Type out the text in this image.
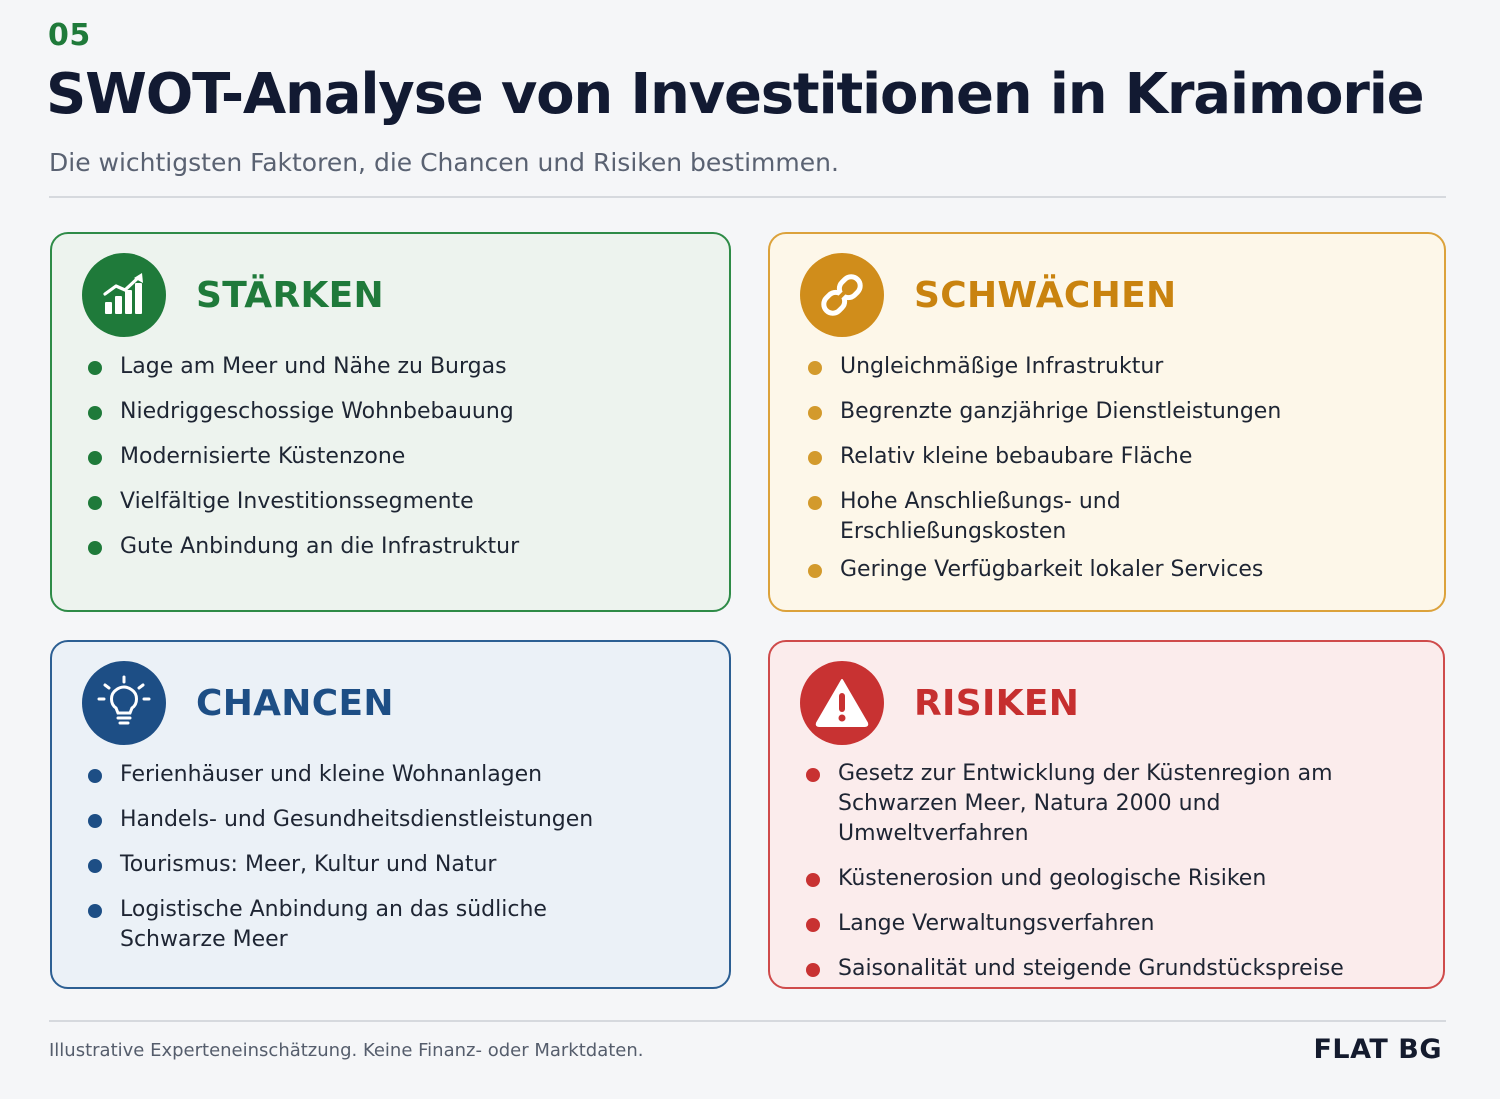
05
SWOT-Analyse von Investitionen in Kraimorie
Die wichtigsten Faktoren, die Chancen und Risiken bestimmen.
STÄRKEN
Lage am Meer und Nähe zu Burgas
Niedriggeschossige Wohnbebauung
Modernisierte Küstenzone
Vielfältige Investitionssegmente
Gute Anbindung an die Infrastruktur
SCHWÄCHEN
Ungleichmäßige Infrastruktur
Begrenzte ganzjährige Dienstleistungen
Relativ kleine bebaubare Fläche
Hohe Anschließungs- und Erschließungskosten
Geringe Verfügbarkeit lokaler Services
CHANCEN
Ferienhäuser und kleine Wohnanlagen
Handels- und Gesundheitsdienstleistungen
Tourismus: Meer, Kultur und Natur
Logistische Anbindung an das südliche Schwarze Meer
RISIKEN
Gesetz zur Entwicklung der Küstenregion am Schwarzen Meer, Natura 2000 und Umweltverfahren
Küstenerosion und geologische Risiken
Lange Verwaltungsverfahren
Saisonalität und steigende Grundstückspreise
Illustrative Experteneinschätzung. Keine Finanz- oder Marktdaten.	FLAT BG
